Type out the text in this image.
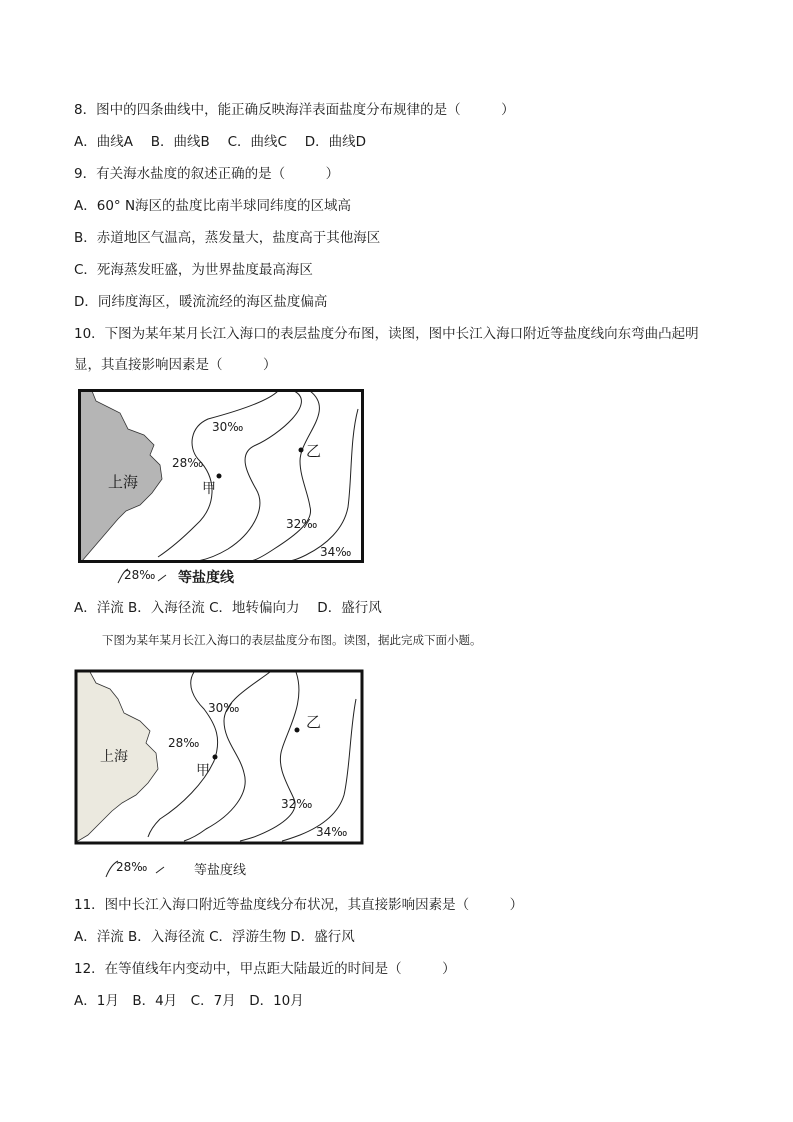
8．图中的四条曲线中，能正确反映海洋表面盐度分布规律的是（　　　）
A．曲线A　 B．曲线B　 C．曲线C　 D．曲线D
9．有关海水盐度的叙述正确的是（　　　）
A．60° N海区的盐度比南半球同纬度的区域高
B．赤道地区气温高，蒸发量大，盐度高于其他海区
C．死海蒸发旺盛，为世界盐度最高海区
D．同纬度海区，暖流流经的海区盐度偏高
10．下图为某年某月长江入海口的表层盐度分布图，读图，图中长江入海口附近等盐度线向东弯曲凸起明
显，其直接影响因素是（　　　）
上海	甲
乙
28‰
30‰
32‰
34‰
28‰ 等盐度线
A．洋流 B．入海径流 C．地转偏向力　 D．盛行风
下图为某年某月长江入海口的表层盐度分布图。读图，据此完成下面小题。
上海
甲
乙
28‰
30‰
32‰
34‰
28‰	等盐度线
11．图中长江入海口附近等盐度线分布状况，其直接影响因素是（　　　）
A．洋流 B．入海径流 C．浮游生物 D．盛行风
12．在等值线年内变动中，甲点距大陆最近的时间是（　　　）
A．1月　B．4月　C．7月　D．10月
